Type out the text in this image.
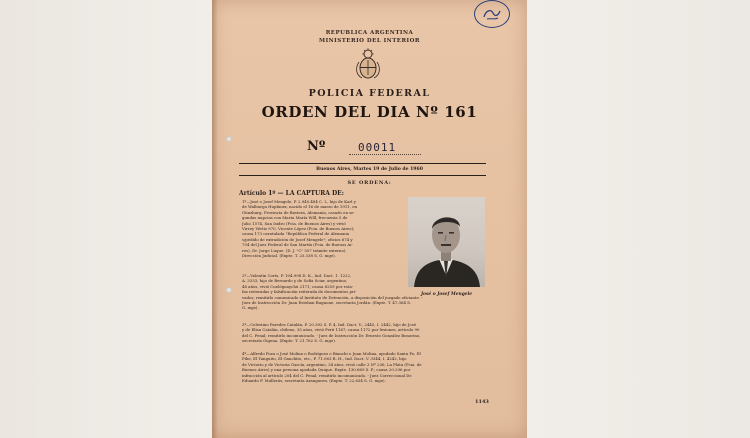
REPUBLICA ARGENTINA
MINISTERIO DEL INTERIOR
POLICIA FEDERAL
ORDEN DEL DIA Nº 161
Nº	00011
Buenos Aires, Martes 19 de Julio de 1960
SE ORDENA:
Artículo 1º — LA CAPTURA DE:
1º—José o Josef Mengele, P. 2.940.484 C. I., hijo de Karl y
de Walburga Hupfauer, nacido el 16 de marzo de 1911, en
Günzburg, Provincia de Baviera, Alemania, casado en se-
gundas nupcias con Marta María Will, frecuenta 5 de
Julio 1574, San Isidro (Pcia. de Buenos Aires) y vivió
Virrey Vértiz 970, Vicente López (Pcia. de Buenos Aires);
causa 173 caratulada "República Federal de Alemania
s/pedido de extradición de Josef Mengele"; oficios 674 y
704 del Juez Federal de San Martín (Pcia. de Buenos Ai-
res), Dr. Jorge Luque. (D. J. "C" 507 trámite externo).
Dirección Judicial. (Expte. T. 25.338 S. G. mge).
José o Josef Mengele
2º—Valentín Corts, P. 104.998 D. K., Ind. Dact. 1. 1222,
A. 3333, hijo de Bernardo y de Sofía Sciar, argentino,
46 años, vivió Cuelóguaychú 2171; causa 8259 por esta-
fas reiteradas y falsificación reiterada de documentos pri-
vados; remitirlo comunicado al Instituto de Detención, a disposición del juzgado oficiante. -
Juez de Instrucción Dr. Juan Esteban Bugnone, secretaría Jordán. (Expte. T. 47.364 S.
G. mge).
3º—Celestino Paredes Catalán, P. 20.392 S. P. 4, Ind. Dact. V., 2445, I. 2442, hijo de José
y de Elisa Catalán, chileno, 35 años, vivió Perú 1167; causa 1172 por lesiones, artículo 90
del C. Penal; remitirlo incomunicado. - Juez de Instrucción Dr. Ernesto González Bonorino,
secretaría Gigena. (Expte. T. 21.782 S. G. mge).
4º—Alfredo Poza o José Molina o Rodríguez o Bianchi o Juan Molina, apodado Santa Fe, El
Pibe, El Tanguito, El Gauchito, etc., P. 71.063 R. H., Ind. Dact. V. 3344, I. 4242, hijo
de Victorio y de Victoria García, argentino, 34 años, vivió calle 3 Nº 236, La Plata (Pcia. de
Buenos Aires) y una persona apodada Quique. Expte. 130.669 S. P.; causa 20.296 por
infracción al artículo 204 del C. Penal; remitirlo incomunicado. - Juez Correccional Dr.
Eduardo F. Mullerás, secretaría Aranguren. (Expte. T. 22.634 S. G. mge).
1143
